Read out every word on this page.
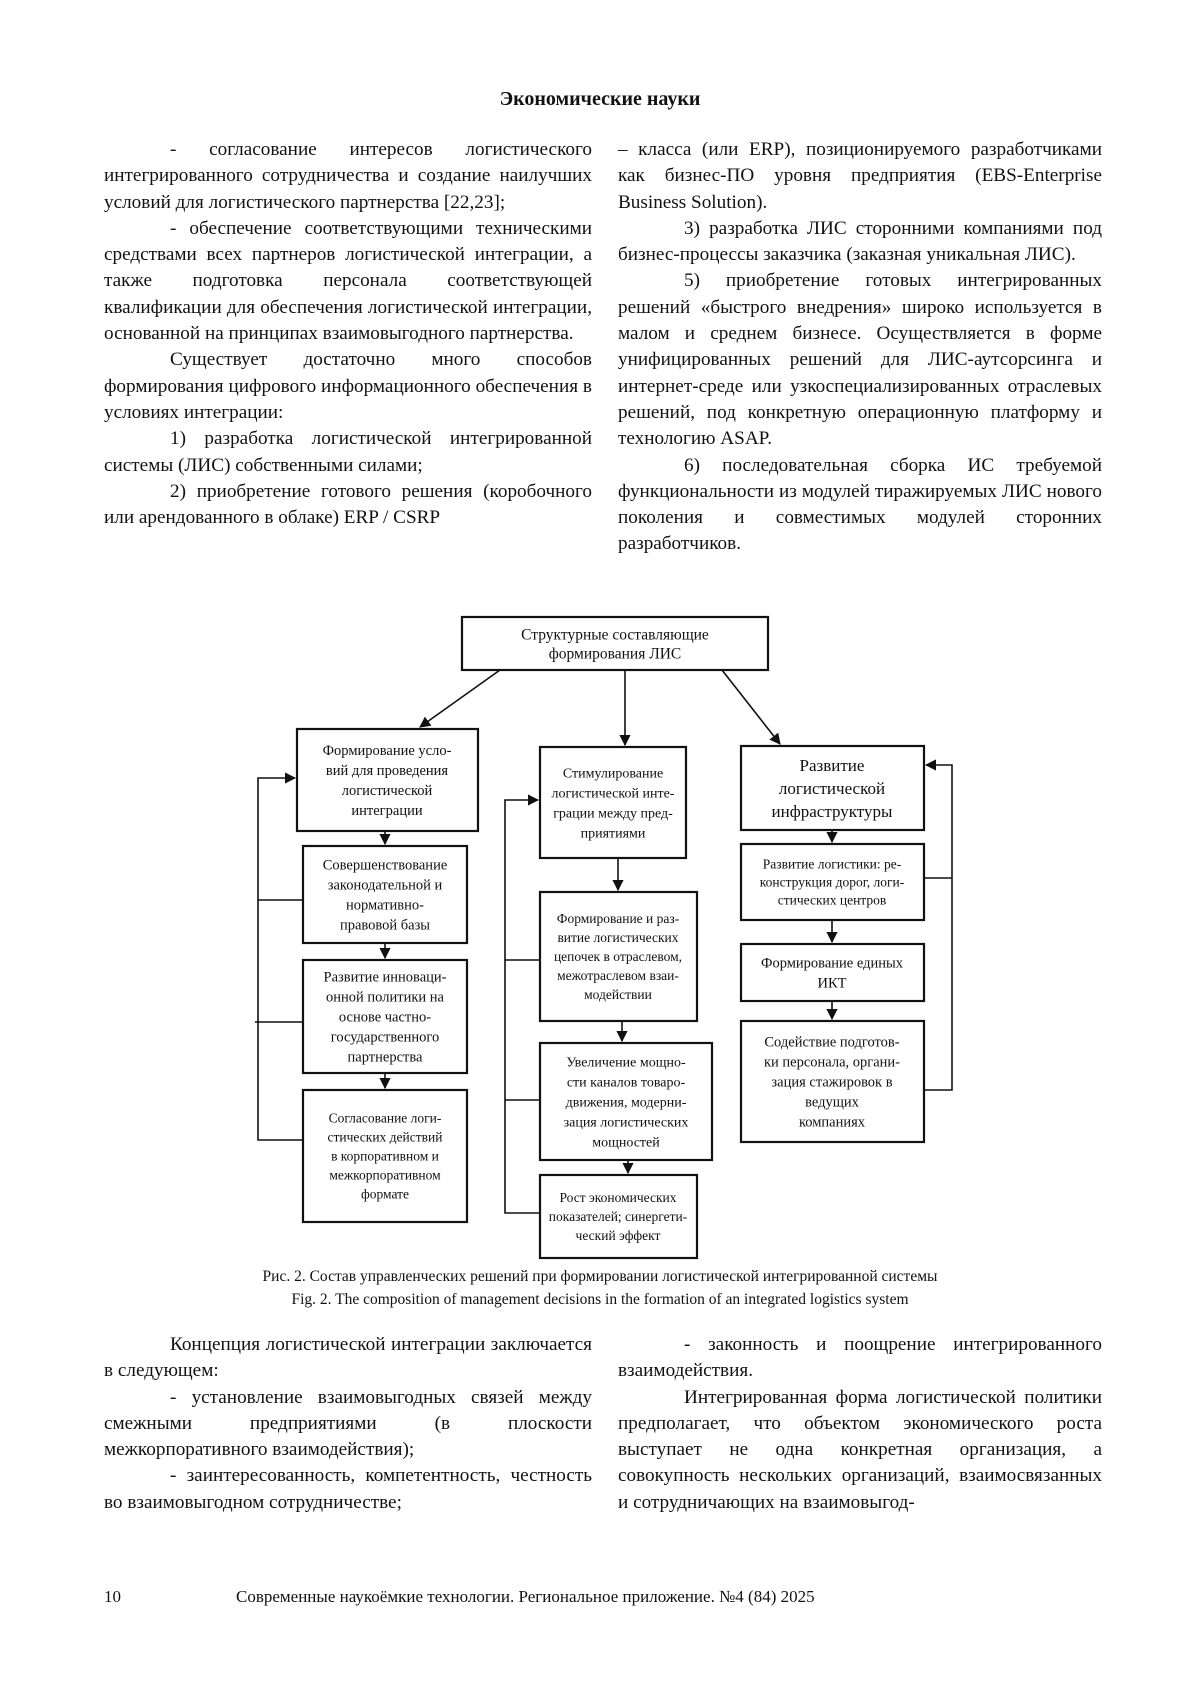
Экономические науки

- согласование интересов логистического интегрированного сотрудничества и создание наилучших условий для логистического партнерства [22,23];

- обеспечение соответствующими техническими средствами всех партнеров логистической интеграции, а также подготовка персонала соответствующей квалификации для обеспечения логистической интеграции, основанной на принципах взаимовыгодного партнерства.

Существует достаточно много способов формирования цифрового информационного обеспечения в условиях интеграции:

1) разработка логистической интегрированной системы (ЛИС) собственными силами;

2) приобретение готового решения (коробочного или арендованного в облаке) ERP / CSRP

– класса (или ERP), позиционируемого разработчиками как бизнес-ПО уровня предприятия (EBS-Enterprise Business Solution).

3) разработка ЛИС сторонними компаниями под бизнес-процессы заказчика (заказная уникальная ЛИС).

5) приобретение готовых интегрированных решений «быстрого внедрения» широко используется в малом и среднем бизнесе. Осуществляется в форме унифицированных решений для ЛИС-аутсорсинга и интернет-среде или узкоспециализированных отраслевых решений, под конкретную операционную платформу и технологию ASAP.

6) последовательная сборка ИС требуемой функциональности из модулей тиражируемых ЛИС нового поколения и совместимых модулей сторонних разработчиков.

Структурные составляющие формирования ЛИС
Формирование усло-вий для проведения логистической интеграции
Совершенствование законодательной и нормативно-правовой базы
Развитие инноваци-онной политики на основе частно-государственного партнерства
Согласование логи-стических действий в корпоративном и межкорпоративном формате
Стимулирование логистической инте-грации между пред-приятиями
Формирование и раз-витие логистических цепочек в отраслевом, межотраслевом взаи-модействии
Увеличение мощно-сти каналов товаро-движения, модерни-зация логистических мощностей
Рост экономических показателей; синергети-ческий эффект
Развитие логистической инфраструктуры
Развитие логистики: ре-конструкция дорог, логи-стических центров
Формирование единых ИКТ
Содействие подготов-ки персонала, органи-зация стажировок в ведущих компаниях
Рис. 2. Состав управленческих решений при формировании логистической интегрированной системы
Fig. 2. The composition of management decisions in the formation of an integrated logistics system

Концепция логистической интеграции заключается в следующем:

- установление взаимовыгодных связей между смежными предприятиями (в плоскости межкорпоративного взаимодействия);

- заинтересованность, компетентность, честность во взаимовыгодном сотрудничестве;

- законность и поощрение интегрированного взаимодействия.

Интегрированная форма логистической политики предполагает, что объектом экономического роста выступает не одна конкретная организация, а совокупность нескольких организаций, взаимосвязанных и сотрудничающих на взаимовыгод-

10	Современные наукоёмкие технологии. Региональное приложение. №4 (84) 2025
